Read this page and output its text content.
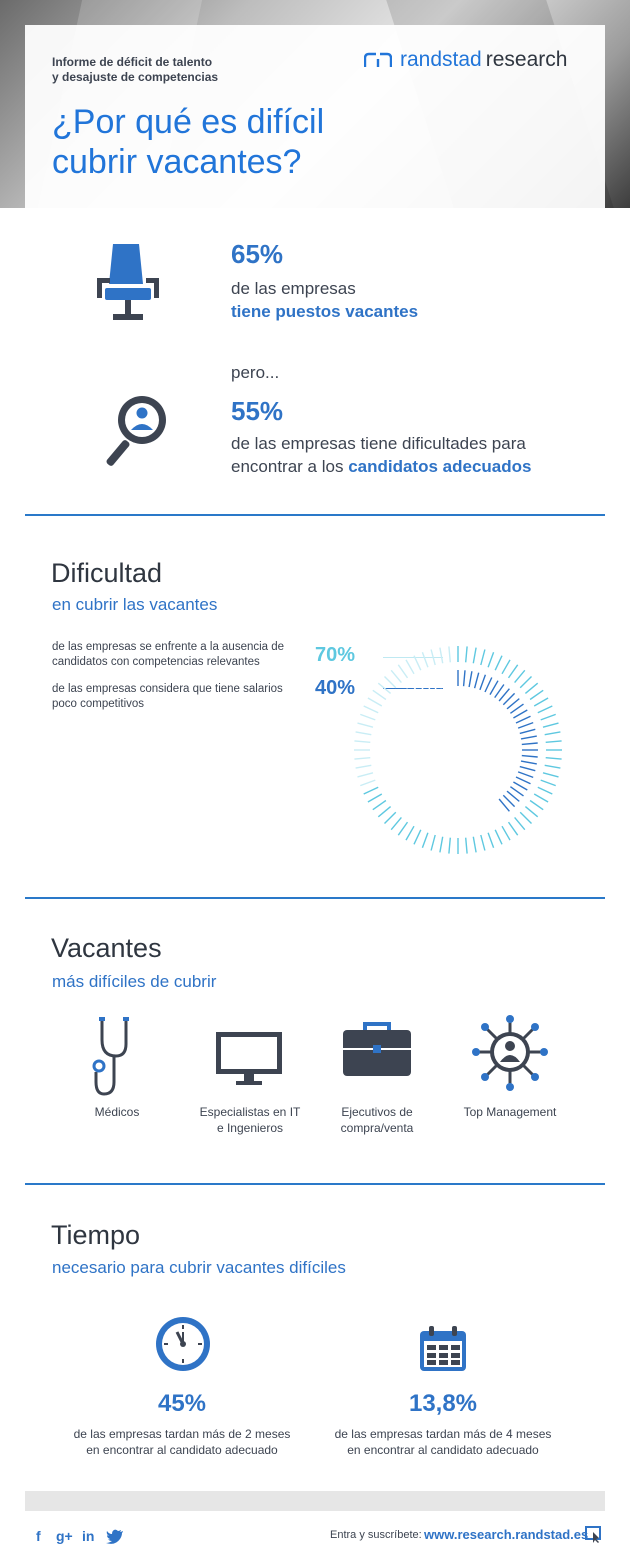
Informe de déficit de talento
y desajuste de competencias
randstad research
¿Por qué es difícil
cubrir vacantes?
65%
de las empresas
tiene puestos vacantes
pero...
55%
de las empresas tiene dificultades para
encontrar a los candidatos adecuados
Dificultad
en cubrir las vacantes
de las empresas se enfrente a la ausencia de candidatos con competencias relevantes	70%
de las empresas considera que tiene salarios poco competitivos
40%
Vacantes
más difíciles de cubrir
Médicos	Especialistas en IT
e Ingenieros
Ejecutivos de
compra/venta
Top Management
Tiempo
necesario para cubrir vacantes difíciles
45%
de las empresas tardan más de 2 meses
en encontrar al candidato adecuado
13,8%
de las empresas tardan más de 4 meses
en encontrar al candidato adecuado
f g+ in	Entra y suscríbete: www.research.randstad.es
